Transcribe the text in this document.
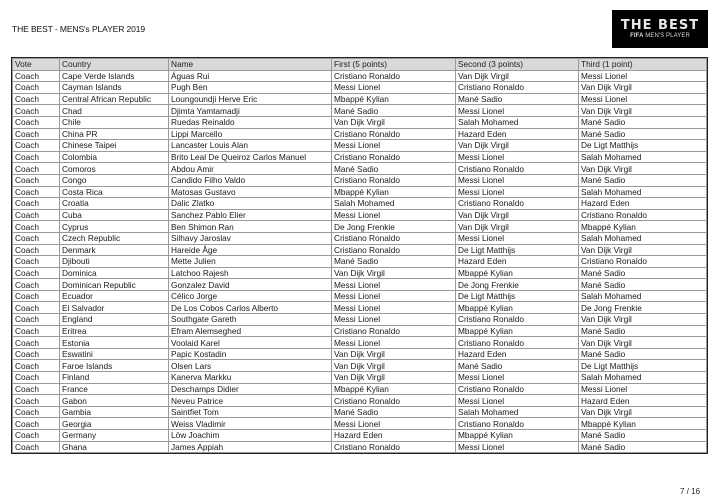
THE BEST - MENS's PLAYER 2019	THE BEST
FIFA MEN'S PLAYER
Vote	Country	Name	First (5 points)	Second (3 points)	Third (1 point)
Coach	Cape Verde Islands	Águas Rui	Cristiano Ronaldo	Van Dijk Virgil	Messi Lionel
Coach	Cayman Islands	Pugh Ben	Messi Lionel	Cristiano Ronaldo	Van Dijk Virgil
Coach	Central African Republic	Loungoundji Herve Eric	Mbappé Kylian	Mané Sadio	Messi Lionel
Coach	Chad	Djimta Yamtamadji	Mané Sadio	Messi Lionel	Van Dijk Virgil
Coach	Chile	Ruedas Reinaldo	Van Dijk Virgil	Salah Mohamed	Mané Sadio
Coach	China PR	Lippi Marcello	Cristiano Ronaldo	Hazard Eden	Mané Sadio
Coach	Chinese Taipei	Lancaster Louis Alan	Messi Lionel	Van Dijk Virgil	De Ligt Matthijs
Coach	Colombia	Brito Leal De Queiroz Carlos Manuel	Cristiano Ronaldo	Messi Lionel	Salah Mohamed
Coach	Comoros	Abdou Amir	Mané Sadio	Cristiano Ronaldo	Van Dijk Virgil
Coach	Congo	Candido Filho Valdo	Cristiano Ronaldo	Messi Lionel	Mané Sadio
Coach	Costa Rica	Matosas Gustavo	Mbappé Kylian	Messi Lionel	Salah Mohamed
Coach	Croatia	Dalic Zlatko	Salah Mohamed	Cristiano Ronaldo	Hazard Eden
Coach	Cuba	Sanchez Pablo Elier	Messi Lionel	Van Dijk Virgil	Cristiano Ronaldo
Coach	Cyprus	Ben Shimon Ran	De Jong Frenkie	Van Dijk Virgil	Mbappé Kylian
Coach	Czech Republic	Silhavy Jaroslav	Cristiano Ronaldo	Messi Lionel	Salah Mohamed
Coach	Denmark	Hareide Åge	Cristiano Ronaldo	De Ligt Matthijs	Van Dijk Virgil
Coach	Djibouti	Mette Julien	Mané Sadio	Hazard Eden	Cristiano Ronaldo
Coach	Dominica	Latchoo Rajesh	Van Dijk Virgil	Mbappé Kylian	Mané Sadio
Coach	Dominican Republic	Gonzalez David	Messi Lionel	De Jong Frenkie	Mané Sadio
Coach	Ecuador	Célico Jorge	Messi Lionel	De Ligt Matthijs	Salah Mohamed
Coach	El Salvador	De Los Cobos Carlos Alberto	Messi Lionel	Mbappé Kylian	De Jong Frenkie
Coach	England	Southgate Gareth	Messi Lionel	Cristiano Ronaldo	Van Dijk Virgil
Coach	Eritrea	Efram Alemseghed	Cristiano Ronaldo	Mbappé Kylian	Mané Sadio
Coach	Estonia	Voolaid Karel	Messi Lionel	Cristiano Ronaldo	Van Dijk Virgil
Coach	Eswatini	Papic Kostadin	Van Dijk Virgil	Hazard Eden	Mané Sadio
Coach	Faroe Islands	Olsen Lars	Van Dijk Virgil	Mané Sadio	De Ligt Matthijs
Coach	Finland	Kanerva Markku	Van Dijk Virgil	Messi Lionel	Salah Mohamed
Coach	France	Deschamps Didier	Mbappé Kylian	Cristiano Ronaldo	Messi Lionel
Coach	Gabon	Neveu Patrice	Cristiano Ronaldo	Messi Lionel	Hazard Eden
Coach	Gambia	Saintfiet Tom	Mané Sadio	Salah Mohamed	Van Dijk Virgil
Coach	Georgia	Weiss Vladimir	Messi Lionel	Cristiano Ronaldo	Mbappé Kylian
Coach	Germany	Löw Joachim	Hazard Eden	Mbappé Kylian	Mané Sadio
Coach	Ghana	James Appiah	Cristiano Ronaldo	Messi Lionel	Mané Sadio
7 / 16
